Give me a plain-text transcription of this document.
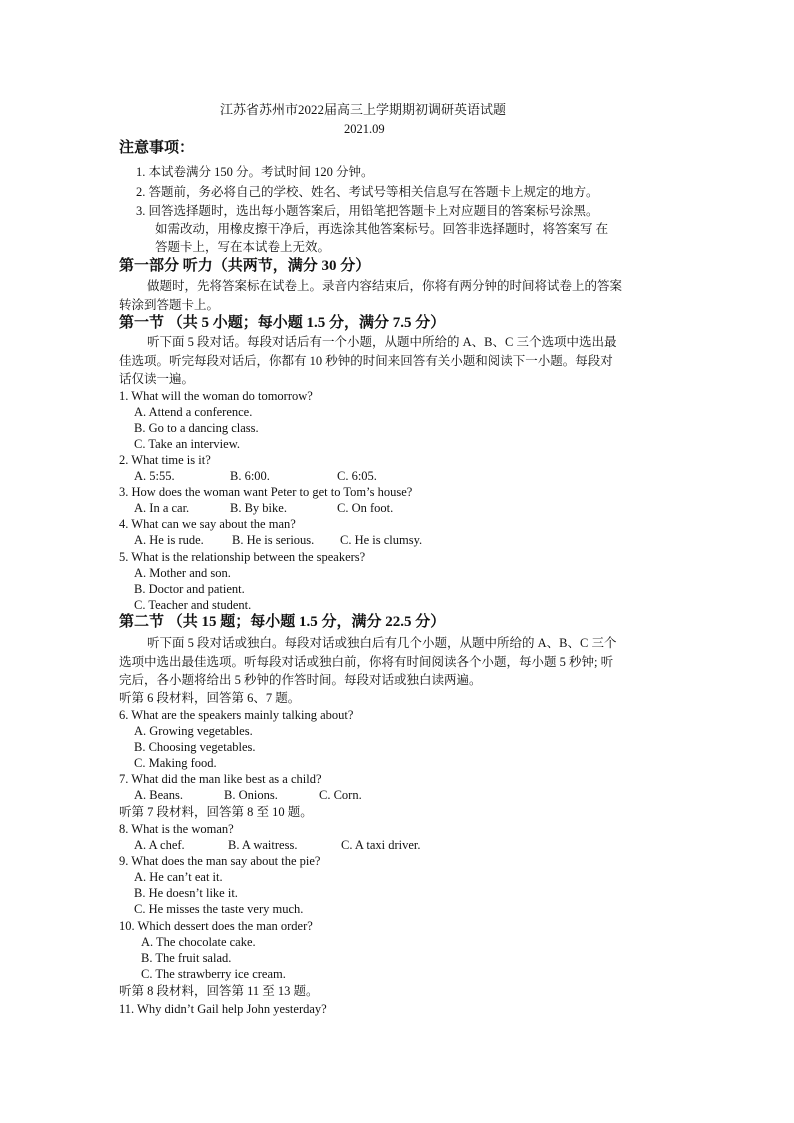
江苏省苏州市2022届高三上学期期初调研英语试题
2021.09
注意事项：
1. 本试卷满分 150 分。考试时间 120 分钟。
2. 答题前，务必将自己的学校、姓名、考试号等相关信息写在答题卡上规定的地方。
3. 回答选择题时，选出每小题答案后，用铅笔把答题卡上对应题目的答案标号涂黑。
如需改动，用橡皮擦干净后，再选涂其他答案标号。回答非选择题时，将答案写 在
答题卡上，写在本试卷上无效。
第一部分 听力（共两节，满分 30 分）
做题时，先将答案标在试卷上。录音内容结束后，你将有两分钟的时间将试卷上的答案
转涂到答题卡上。
第一节 （共 5 小题；每小题 1.5 分，满分 7.5 分）
听下面 5 段对话。每段对话后有一个小题，从题中所给的 A、B、C 三个选项中选出最
佳选项。听完每段对话后，你都有 10 秒钟的时间来回答有关小题和阅读下一小题。每段对
话仅读一遍。
1. What will the woman do tomorrow?
A. Attend a conference.
B. Go to a dancing class.
C. Take an interview.
2. What time is it?
A. 5:55.	B. 6:00.	C. 6:05.
3. How does the woman want Peter to get to Tom’s house?
A. In a car.	B. By bike.	C. On foot.
4. What can we say about the man?
A. He is rude. B. He is serious. C. He is clumsy.
5. What is the relationship between the speakers?
A. Mother and son.
B. Doctor and patient.
C. Teacher and student.
第二节 （共 15 题；每小题 1.5 分，满分 22.5 分）
听下面 5 段对话或独白。每段对话或独白后有几个小题，从题中所给的 A、B、C 三个
选项中选出最佳选项。听每段对话或独白前，你将有时间阅读各个小题，每小题 5 秒钟; 听
完后，各小题将给出 5 秒钟的作答时间。每段对话或独白读两遍。
听第 6 段材料，回答第 6、7 题。
6. What are the speakers mainly talking about?
A. Growing vegetables.
B. Choosing vegetables.
C. Making food.
7. What did the man like best as a child?
A. Beans.	B. Onions.	C. Corn.
听第 7 段材料，回答第 8 至 10 题。
8. What is the woman?
A. A chef.	B. A waitress.	C. A taxi driver.
9. What does the man say about the pie?
A. He can’t eat it.
B. He doesn’t like it.
C. He misses the taste very much.
10. Which dessert does the man order?
A. The chocolate cake.
B. The fruit salad.
C. The strawberry ice cream.
听第 8 段材料，回答第 11 至 13 题。
11. Why didn’t Gail help John yesterday?
